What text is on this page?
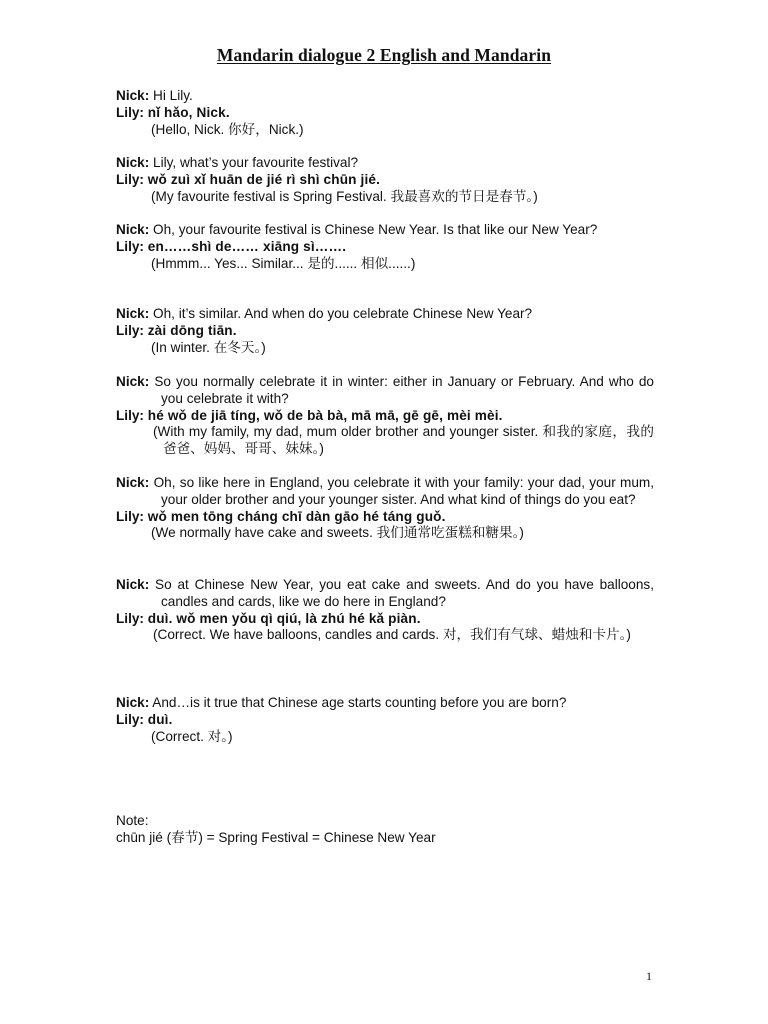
Mandarin dialogue 2 English and Mandarin
Nick: Hi Lily.
Lily: nǐ hǎo, Nick.
(Hello, Nick. 你好，Nick.)
Nick: Lily, what’s your favourite festival?
Lily: wǒ zuì xǐ huān de jié rì shì chūn jié.
(My favourite festival is Spring Festival. 我最喜欢的节日是春节。)
Nick: Oh, your favourite festival is Chinese New Year. Is that like our New Year?
Lily: en……shì de…… xiāng sì…….
(Hmmm... Yes... Similar... 是的...... 相似......)
Nick: Oh, it’s similar. And when do you celebrate Chinese New Year?
Lily: zài dōng tiān.
(In winter. 在冬天。)
Nick: So you normally celebrate it in winter: either in January or February. And who do you celebrate it with?
Lily: hé wǒ de jiā tíng, wǒ de bà bà, mā mā, gē gē, mèi mèi.
(With my family, my dad, mum older brother and younger sister. 和我的家庭，我的爸爸、妈妈、哥哥、妹妹。)
Nick: Oh, so like here in England, you celebrate it with your family: your dad, your mum, your older brother and your younger sister. And what kind of things do you eat?
Lily: wǒ men tōng cháng chī dàn gāo hé táng guǒ.
(We normally have cake and sweets. 我们通常吃蛋糕和糖果。)
Nick: So at Chinese New Year, you eat cake and sweets. And do you have balloons, candles and cards, like we do here in England?
Lily: duì. wǒ men yǒu qì qiú, là zhú hé kǎ piàn.
(Correct. We have balloons, candles and cards. 对，我们有气球、蜡烛和卡片。)
Nick: And…is it true that Chinese age starts counting before you are born?
Lily: duì.
(Correct. 对。)
Note:
chūn jié (春节) = Spring Festival = Chinese New Year
1
